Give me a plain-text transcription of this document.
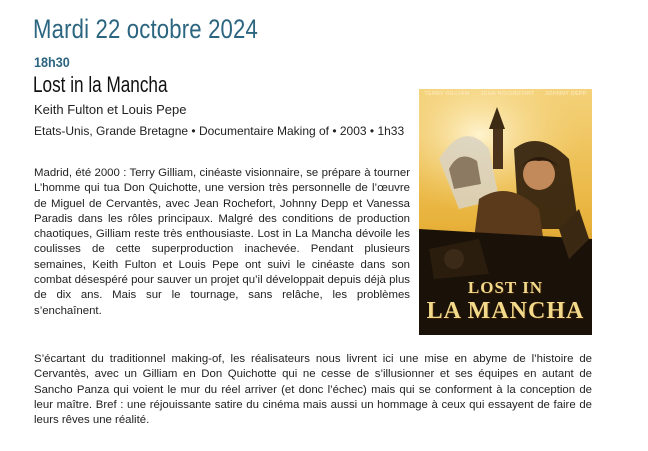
Mardi 22 octobre 2024
18h30
Lost in la Mancha
Keith Fulton et Louis Pepe
Etats-Unis, Grande Bretagne • Documentaire Making of • 2003 • 1h33

Madrid, été 2000 : Terry Gilliam, cinéaste visionnaire, se prépare à tourner L’homme qui tua Don Quichotte, une version très personnelle de l’œuvre de Miguel de Cervantès, avec Jean Rochefort, Johnny Depp et Vanessa Paradis dans les rôles principaux. Malgré des conditions de production chaotiques, Gilliam reste très enthousiaste. Lost in La Mancha dévoile les coulisses de cette superproduction inachevée. Pendant plusieurs semaines, Keith Fulton et Louis Pepe ont suivi le cinéaste dans son combat désespéré pour sauver un projet qu’il développait depuis déjà plus de dix ans. Mais sur le tournage, sans relâche, les problèmes s’enchaînent.

TERRY GILLIAM JEAN ROCHEFORT JOHNNY DEPP
LOST IN
LA MANCHA

S’écartant du traditionnel making-of, les réalisateurs nous livrent ici une mise en abyme de l’histoire de Cervantès, avec un Gilliam en Don Quichotte qui ne cesse de s’illusionner et ses équipes en autant de Sancho Panza qui voient le mur du réel arriver (et donc l’échec) mais qui se conforment à la conception de leur maître. Bref : une réjouissante satire du cinéma mais aussi un hommage à ceux qui essayent de faire de leurs rêves une réalité.
